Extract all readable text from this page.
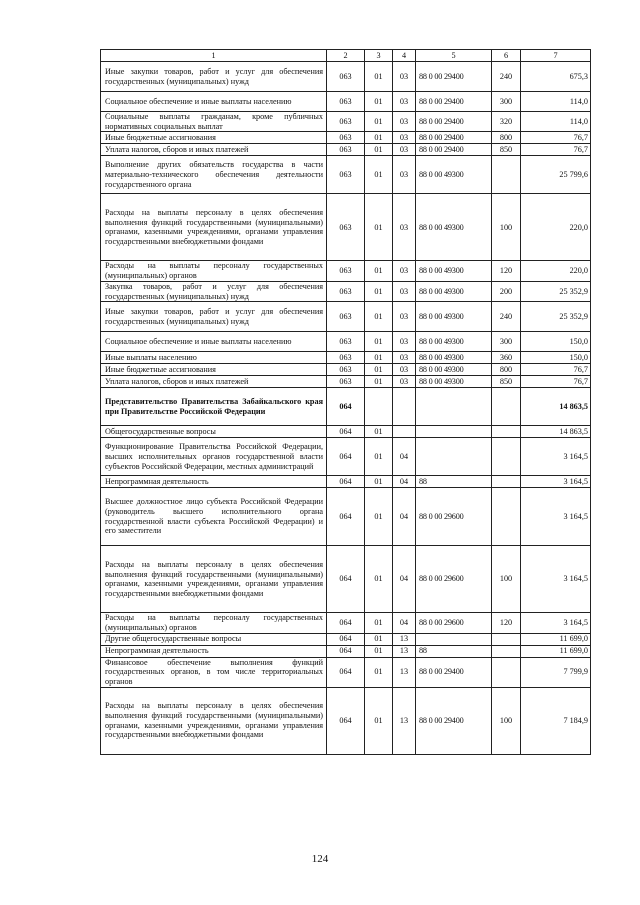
1	2	3	4	5	6	7
Иные закупки товаров, работ и услуг для обеспечения государственных (муниципальных) нужд	063	01	03	88 0 00 29400	240	675,3
Социальное обеспечение и иные выплаты населению	063	01	03	88 0 00 29400	300	114,0
Социальные выплаты гражданам, кроме публичных нормативных социальных выплат	063	01	03	88 0 00 29400	320	114,0
Иные бюджетные ассигнования	063	01	03	88 0 00 29400	800	76,7
Уплата налогов, сборов и иных платежей	063	01	03	88 0 00 29400	850	76,7
Выполнение других обязательств государства в части материально-технического обеспечения деятельности государственного органа	063	01	03	88 0 00 49300		25 799,6
Расходы на выплаты персоналу в целях обеспечения выполнения функций государственными (муниципальными) органами, казенными учреждениями, органами управления государственными внебюджетными фондами	063	01	03	88 0 00 49300	100	220,0
Расходы на выплаты персоналу государственных (муниципальных) органов	063	01	03	88 0 00 49300	120	220,0
Закупка товаров, работ и услуг для обеспечения государственных (муниципальных) нужд	063	01	03	88 0 00 49300	200	25 352,9
Иные закупки товаров, работ и услуг для обеспечения государственных (муниципальных) нужд	063	01	03	88 0 00 49300	240	25 352,9
Социальное обеспечение и иные выплаты населению	063	01	03	88 0 00 49300	300	150,0
Иные выплаты населению	063	01	03	88 0 00 49300	360	150,0
Иные бюджетные ассигнования	063	01	03	88 0 00 49300	800	76,7
Уплата налогов, сборов и иных платежей	063	01	03	88 0 00 49300	850	76,7
Представительство Правительства Забайкальского края при Правительстве Российской Федерации	064					14 863,5
Общегосударственные вопросы	064	01				14 863,5
Функционирование Правительства Российской Федерации, высших исполнительных органов государственной власти субъектов Российской Федерации, местных администраций	064	01	04			3 164,5
Непрограммная деятельность	064	01	04	88		3 164,5
Высшее должностное лицо субъекта Российской Федерации (руководитель высшего исполнительного органа государственной власти субъекта Российской Федерации) и его заместители	064	01	04	88 0 00 29600		3 164,5
Расходы на выплаты персоналу в целях обеспечения выполнения функций государственными (муниципальными) органами, казенными учреждениями, органами управления государственными внебюджетными фондами	064	01	04	88 0 00 29600	100	3 164,5
Расходы на выплаты персоналу государственных (муниципальных) органов	064	01	04	88 0 00 29600	120	3 164,5
Другие общегосударственные вопросы	064	01	13			11 699,0
Непрограммная деятельность	064	01	13	88		11 699,0
Финансовое обеспечение выполнения функций государственных органов, в том числе территориальных органов	064	01	13	88 0 00 29400		7 799,9
Расходы на выплаты персоналу в целях обеспечения выполнения функций государственными (муниципальными) органами, казенными учреждениями, органами управления государственными внебюджетными фондами	064	01	13	88 0 00 29400	100	7 184,9
124
